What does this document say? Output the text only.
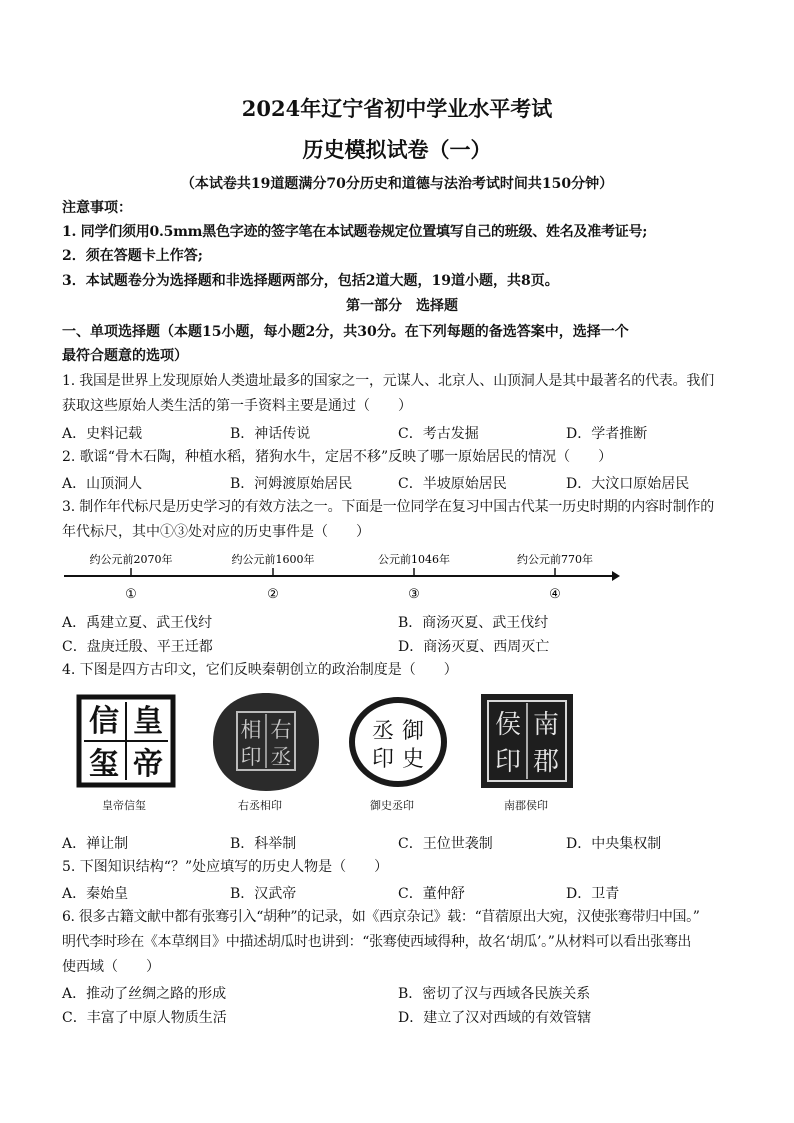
2024年辽宁省初中学业水平考试
历史模拟试卷（一）
（本试卷共19道题满分70分历史和道德与法治考试时间共150分钟）
注意事项：
1. 同学们须用0.5mm黑色字迹的签字笔在本试题卷规定位置填写自己的班级、姓名及准考证号;
2．须在答题卡上作答;
3．本试题卷分为选择题和非选择题两部分，包括2道大题，19道小题，共8页。
第一部分　选择题
一、单项选择题（本题15小题，每小题2分，共30分。在下列每题的备选答案中，选择一个
最符合题意的选项）
1. 我国是世界上发现原始人类遗址最多的国家之一，元谋人、北京人、山顶洞人是其中最著名的代表。我们
获取这些原始人类生活的第一手资料主要是通过（　　）
A．史料记载	B．神话传说	C．考古发掘	D．学者推断
2. 歌谣“骨木石陶，种植水稻，猪狗水牛，定居不移”反映了哪一原始居民的情况（　　）
A．山顶洞人	B．河姆渡原始居民	C．半坡原始居民	D．大汶口原始居民
3. 制作年代标尺是历史学习的有效方法之一。下面是一位同学在复习中国古代某一历史时期的内容时制作的
年代标尺，其中①③处对应的历史事件是（　　）
约公元前2070年	约公元前1600年	公元前1046年	约公元前770年
①	②	③	④
A．禹建立夏、武王伐纣	B．商汤灭夏、武王伐纣
C．盘庚迁殷、平王迁都	D．商汤灭夏、西周灭亡
4. 下图是四方古印文，它们反映秦朝创立的政治制度是（　　）
皇
帝
信
玺
皇帝信玺
右
丞
相
印
右丞相印
御
史
丞
印
御史丞印
南
郡
侯
印
南郡侯印
A．禅让制	B．科举制	C．王位世袭制	D．中央集权制
5. 下图知识结构“？”处应填写的历史人物是（　　）
A．秦始皇	B．汉武帝	C．董仲舒	D．卫青
6. 很多古籍文献中都有张骞引入“胡种”的记录，如《西京杂记》载：“苜蓿原出大宛，汉使张骞带归中国。”
明代李时珍在《本草纲目》中描述胡瓜时也讲到：“张骞使西域得种，故名‘胡瓜’。”从材料可以看出张骞出
使西域（　　）
A．推动了丝绸之路的形成	B．密切了汉与西域各民族关系
C．丰富了中原人物质生活	D．建立了汉对西域的有效管辖
